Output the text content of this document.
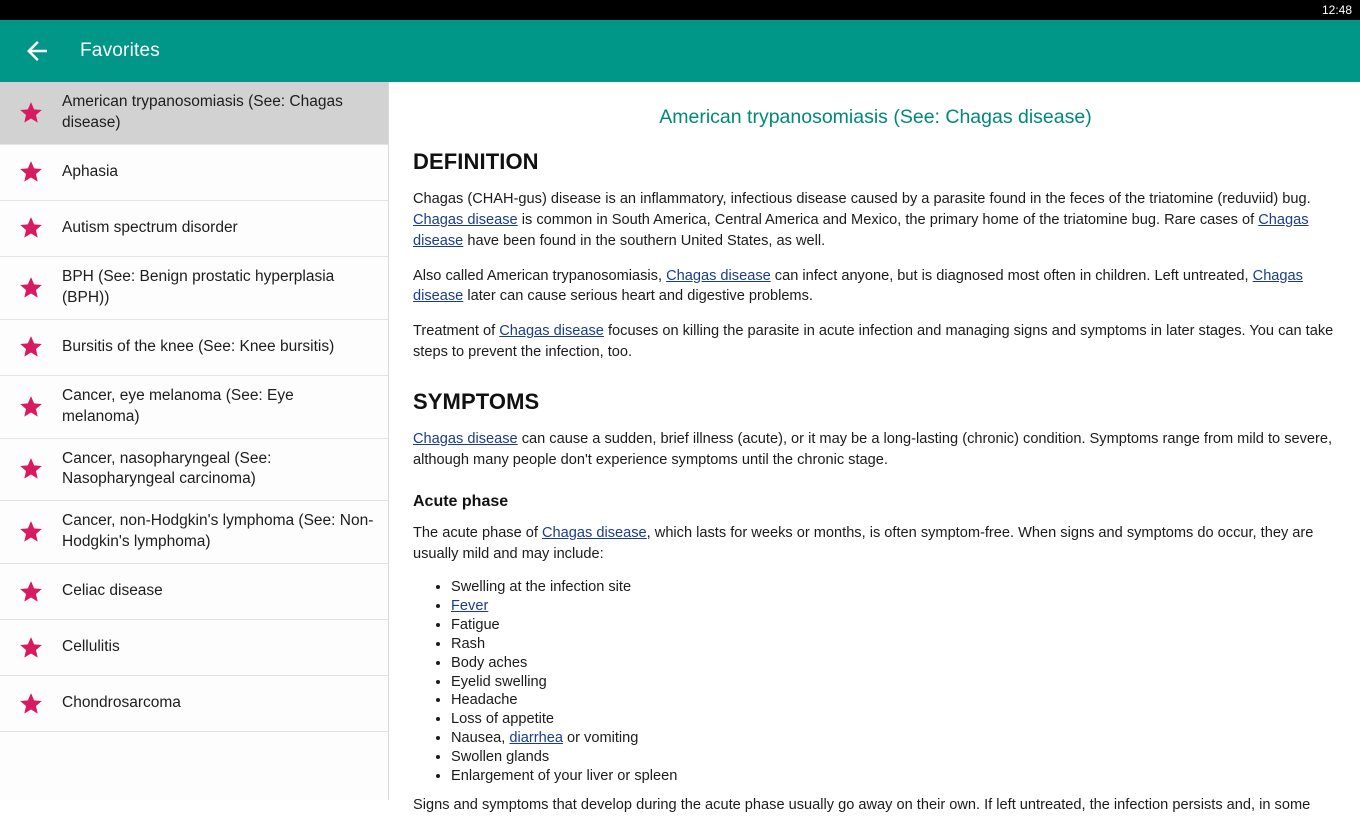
12:48
Favorites
American trypanosomiasis (See: Chagas disease)
Aphasia
Autism spectrum disorder
BPH (See: Benign prostatic hyperplasia (BPH))
Bursitis of the knee (See: Knee bursitis)
Cancer, eye melanoma (See: Eye melanoma)
Cancer, nasopharyngeal (See: Nasopharyngeal carcinoma)
Cancer, non-Hodgkin's lymphoma (See: Non-Hodgkin's lymphoma)
Celiac disease
Cellulitis
Chondrosarcoma
American trypanosomiasis (See: Chagas disease)
DEFINITION

Chagas (CHAH-gus) disease is an inflammatory, infectious disease caused by a parasite found in the feces of the triatomine (reduviid) bug. Chagas disease is common in South America, Central America and Mexico, the primary home of the triatomine bug. Rare cases of Chagas disease have been found in the southern United States, as well.

Also called American trypanosomiasis, Chagas disease can infect anyone, but is diagnosed most often in children. Left untreated, Chagas disease later can cause serious heart and digestive problems.

Treatment of Chagas disease focuses on killing the parasite in acute infection and managing signs and symptoms in later stages. You can take steps to prevent the infection, too.

SYMPTOMS

Chagas disease can cause a sudden, brief illness (acute), or it may be a long-lasting (chronic) condition. Symptoms range from mild to severe, although many people don't experience symptoms until the chronic stage.

Acute phase

The acute phase of Chagas disease, which lasts for weeks or months, is often symptom-free. When signs and symptoms do occur, they are usually mild and may include:

• Swelling at the infection site
• Fever
• Fatigue
• Rash
• Body aches
• Eyelid swelling
• Headache
• Loss of appetite
• Nausea, diarrhea or vomiting
• Swollen glands
• Enlargement of your liver or spleen
Signs and symptoms that develop during the acute phase usually go away on their own. If left untreated, the infection persists and, in some
